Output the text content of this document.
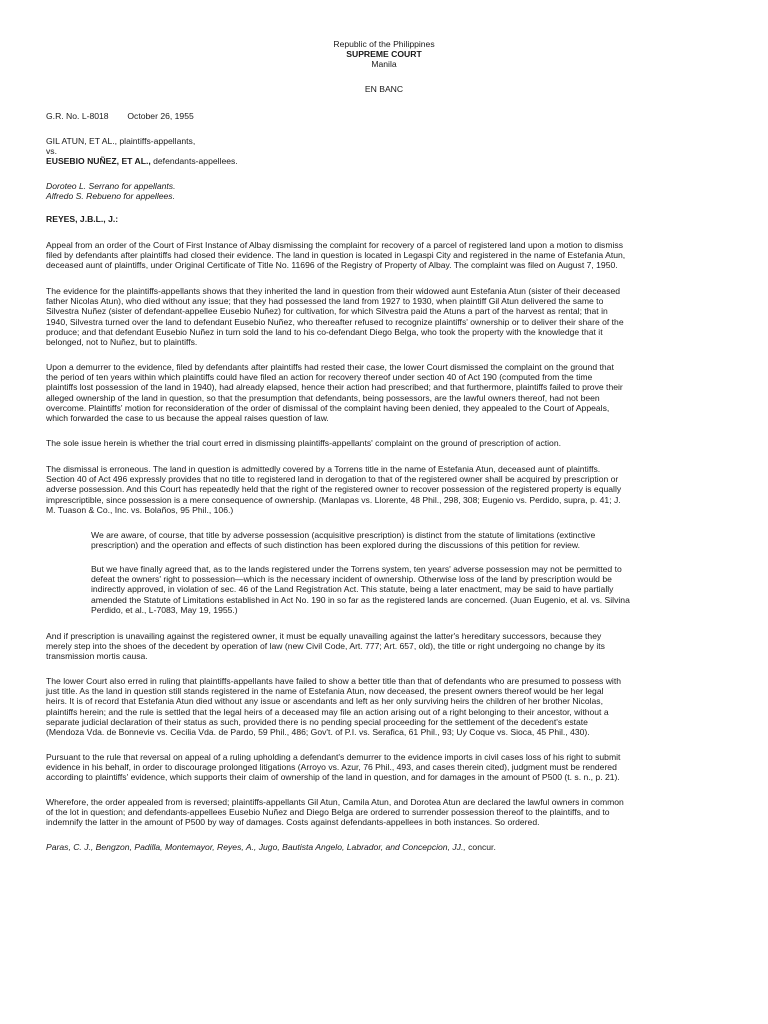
Republic of the Philippines
SUPREME COURT
Manila
EN BANC
G.R. No. L-8018 October 26, 1955
GIL ATUN, ET AL., plaintiffs-appellants,
vs.
EUSEBIO NUÑEZ, ET AL., defendants-appellees.
Doroteo L. Serrano for appellants.
Alfredo S. Rebueno for appellees.
REYES, J.B.L., J.:

Appeal from an order of the Court of First Instance of Albay dismissing the complaint for recovery of a parcel of registered land upon a motion to dismiss
filed by defendants after plaintiffs had closed their evidence. The land in question is located in Legaspi City and registered in the name of Estefania Atun,
deceased aunt of plaintiffs, under Original Certificate of Title No. 11696 of the Registry of Property of Albay. The complaint was filed on August 7, 1950.

The evidence for the plaintiffs-appellants shows that they inherited the land in question from their widowed aunt Estefania Atun (sister of their deceased
father Nicolas Atun), who died without any issue; that they had possessed the land from 1927 to 1930, when plaintiff Gil Atun delivered the same to
Silvestra Nuñez (sister of defendant-appellee Eusebio Nuñez) for cultivation, for which Silvestra paid the Atuns a part of the harvest as rental; that in
1940, Silvestra turned over the land to defendant Eusebio Nuñez, who thereafter refused to recognize plaintiffs' ownership or to deliver their share of the
produce; and that defendant Eusebio Nuñez in turn sold the land to his co-defendant Diego Belga, who took the property with the knowledge that it
belonged, not to Nuñez, but to plaintiffs.

Upon a demurrer to the evidence, filed by defendants after plaintiffs had rested their case, the lower Court dismissed the complaint on the ground that
the period of ten years within which plaintiffs could have filed an action for recovery thereof under section 40 of Act 190 (computed from the time
plaintiffs lost possession of the land in 1940), had already elapsed, hence their action had prescribed; and that furthermore, plaintiffs failed to prove their
alleged ownership of the land in question, so that the presumption that defendants, being possessors, are the lawful owners thereof, had not been
overcome. Plaintiffs' motion for reconsideration of the order of dismissal of the complaint having been denied, they appealed to the Court of Appeals,
which forwarded the case to us because the appeal raises question of law.

The sole issue herein is whether the trial court erred in dismissing plaintiffs-appellants' complaint on the ground of prescription of action.

The dismissal is erroneous. The land in question is admittedly covered by a Torrens title in the name of Estefania Atun, deceased aunt of plaintiffs.
Section 40 of Act 496 expressly provides that no title to registered land in derogation to that of the registered owner shall be acquired by prescription or
adverse possession. And this Court has repeatedly held that the right of the registered owner to recover possession of the registered property is equally
imprescriptible, since possession is a mere consequence of ownership. (Manlapas vs. Llorente, 48 Phil., 298, 308; Eugenio vs. Perdido, supra, p. 41; J.
M. Tuason & Co., Inc. vs. Bolaños, 95 Phil., 106.)

We are aware, of course, that title by adverse possession (acquisitive prescription) is distinct from the statute of limitations (extinctive
prescription) and the operation and effects of such distinction has been explored during the discussions of this petition for review.

But we have finally agreed that, as to the lands registered under the Torrens system, ten years' adverse possession may not be permitted to
defeat the owners' right to possession—which is the necessary incident of ownership. Otherwise loss of the land by prescription would be
indirectly approved, in violation of sec. 46 of the Land Registration Act. This statute, being a later enactment, may be said to have partially
amended the Statute of Limitations established in Act No. 190 in so far as the registered lands are concerned. (Juan Eugenio, et al. vs. Silvina
Perdido, et al., L-7083, May 19, 1955.)

And if prescription is unavailing against the registered owner, it must be equally unavailing against the latter's hereditary successors, because they
merely step into the shoes of the decedent by operation of law (new Civil Code, Art. 777; Art. 657, old), the title or right undergoing no change by its
transmission mortis causa.

The lower Court also erred in ruling that plaintiffs-appellants have failed to show a better title than that of defendants who are presumed to possess with
just title. As the land in question still stands registered in the name of Estefania Atun, now deceased, the present owners thereof would be her legal
heirs. It is of record that Estefania Atun died without any issue or ascendants and left as her only surviving heirs the children of her brother Nicolas,
plaintiffs herein; and the rule is settled that the legal heirs of a deceased may file an action arising out of a right belonging to their ancestor, without a
separate judicial declaration of their status as such, provided there is no pending special proceeding for the settlement of the decedent's estate
(Mendoza Vda. de Bonnevie vs. Cecilia Vda. de Pardo, 59 Phil., 486; Gov't. of P.I. vs. Serafica, 61 Phil., 93; Uy Coque vs. Sioca, 45 Phil., 430).

Pursuant to the rule that reversal on appeal of a ruling upholding a defendant's demurrer to the evidence imports in civil cases loss of his right to submit
evidence in his behalf, in order to discourage prolonged litigations (Arroyo vs. Azur, 76 Phil., 493, and cases therein cited), judgment must be rendered
according to plaintiffs' evidence, which supports their claim of ownership of the land in question, and for damages in the amount of P500 (t. s. n., p. 21).

Wherefore, the order appealed from is reversed; plaintiffs-appellants Gil Atun, Camila Atun, and Dorotea Atun are declared the lawful owners in common
of the lot in question; and defendants-appellees Eusebio Nuñez and Diego Belga are ordered to surrender possession thereof to the plaintiffs, and to
indemnify the latter in the amount of P500 by way of damages. Costs against defendants-appellees in both instances. So ordered.

Paras, C. J., Bengzon, Padilla, Montemayor, Reyes, A., Jugo, Bautista Angelo, Labrador, and Concepcion, JJ., concur.
